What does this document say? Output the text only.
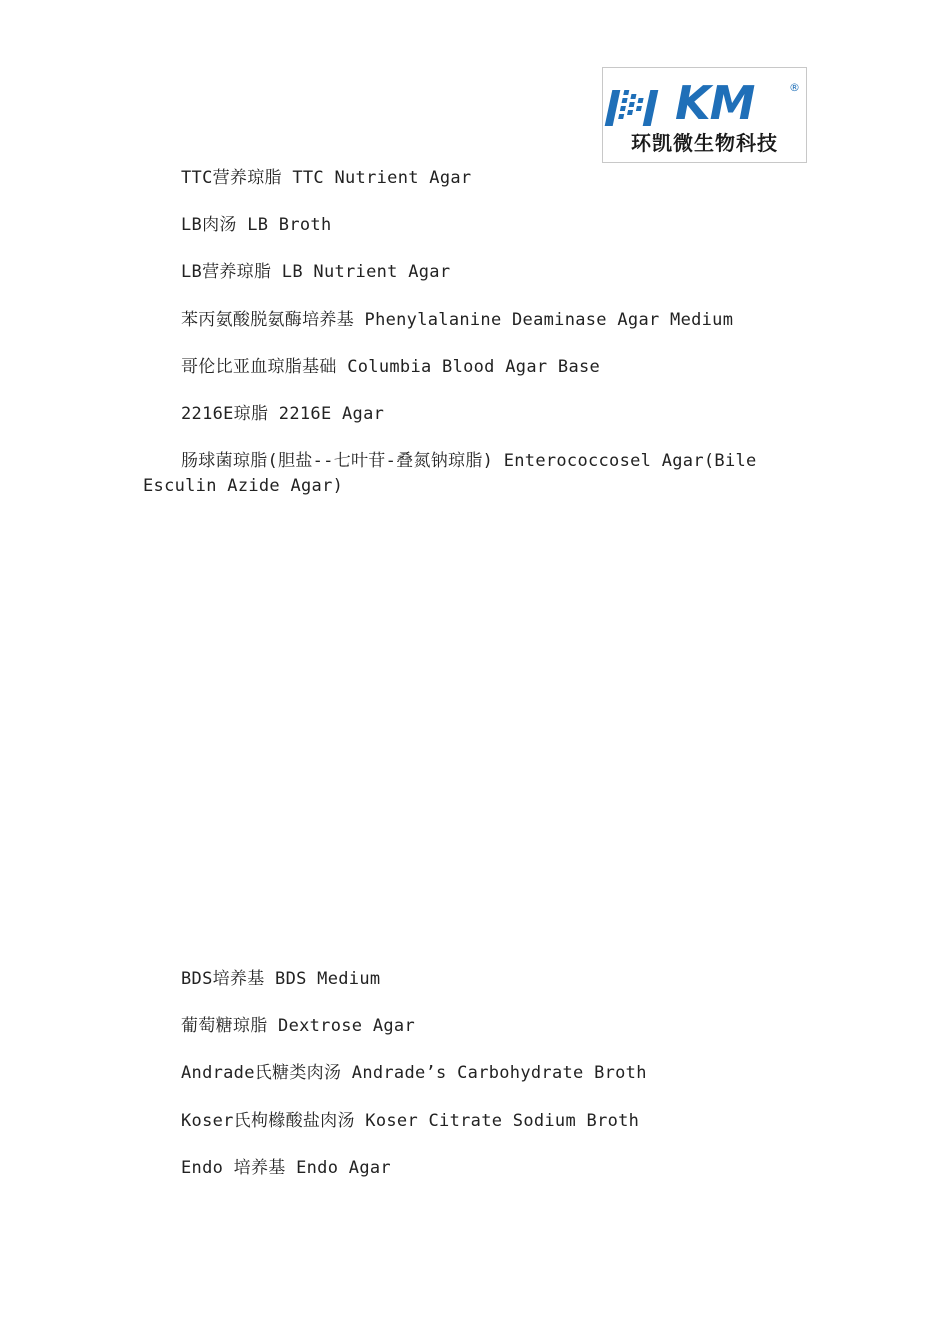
KM	®
环凯微生物科技
TTC营养琼脂 TTC Nutrient Agar
LB肉汤 LB Broth
LB营养琼脂 LB Nutrient Agar
苯丙氨酸脱氨酶培养基 Phenylalanine Deaminase Agar Medium
哥伦比亚血琼脂基础 Columbia Blood Agar Base
2216E琼脂 2216E Agar
肠球菌琼脂(胆盐--七叶苷-叠氮钠琼脂) Enterococcosel Agar(Bile
Esculin Azide Agar)
BDS培养基 BDS Medium
葡萄糖琼脂 Dextrose Agar
Andrade氏糖类肉汤 Andrade’s Carbohydrate Broth
Koser氏枸橼酸盐肉汤 Koser Citrate Sodium Broth
Endo 培养基 Endo Agar
